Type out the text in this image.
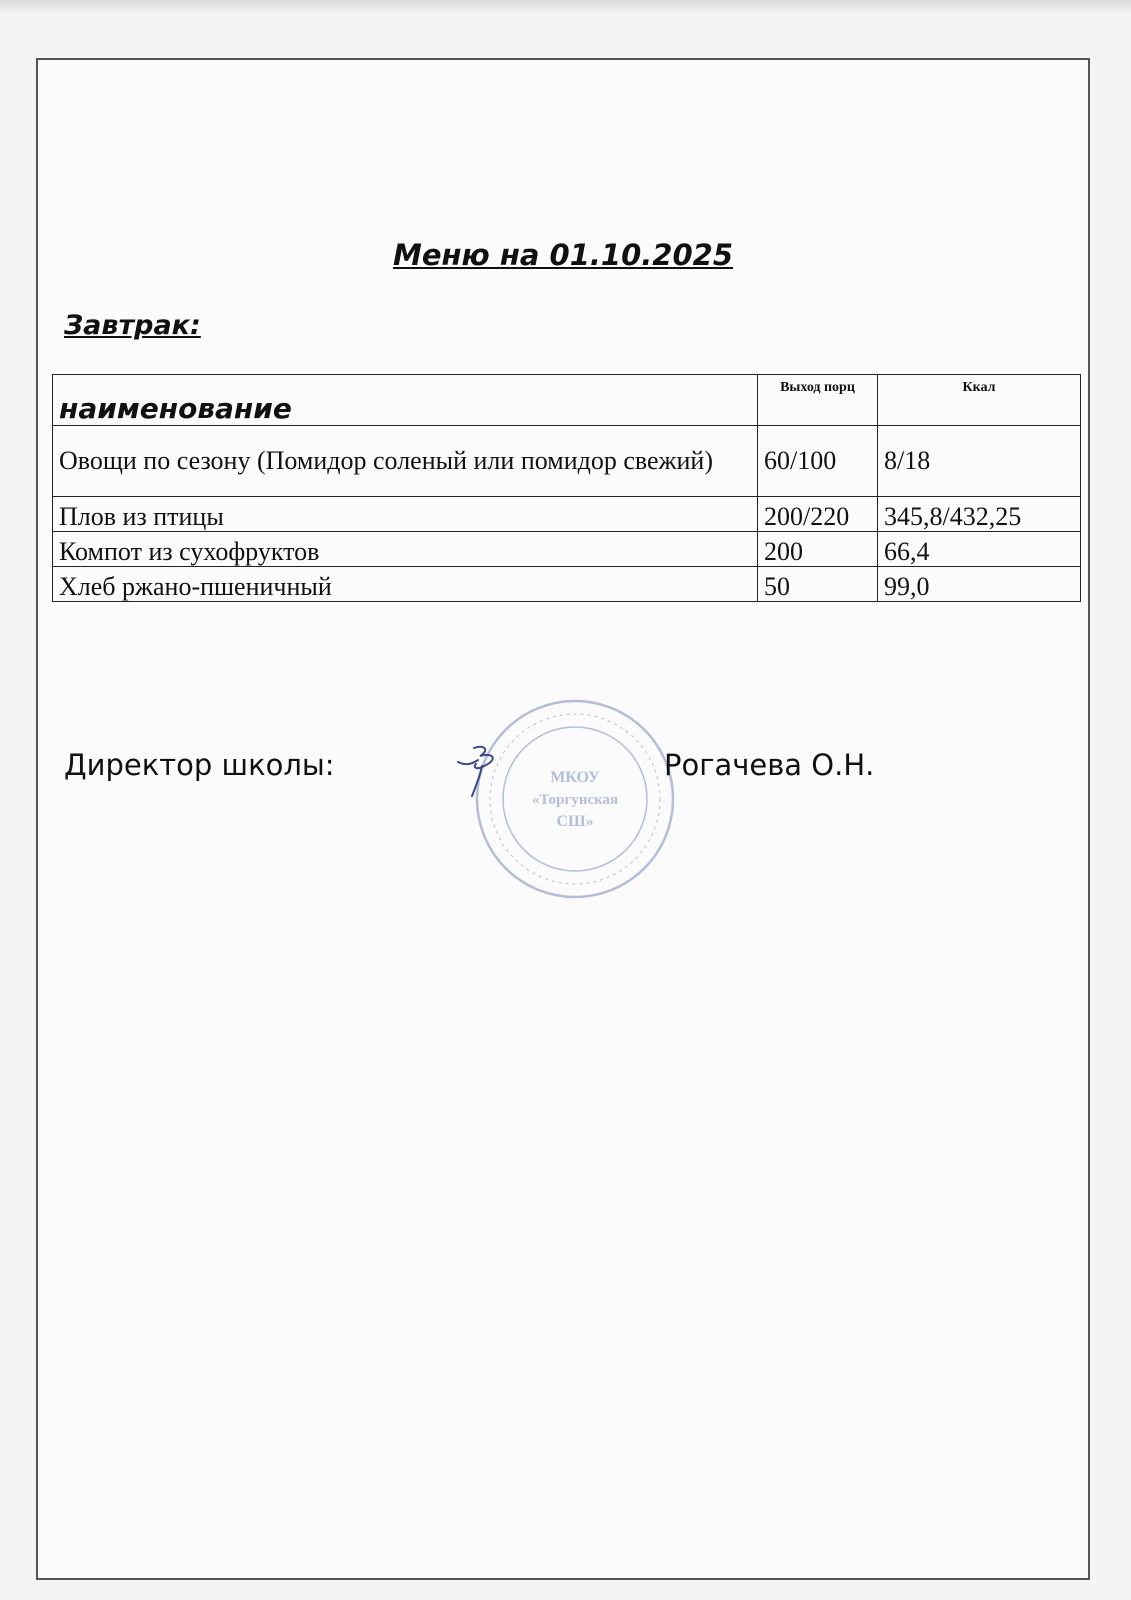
Меню на 01.10.2025
Завтрак:
наименование	Выход порц	Ккал
Овощи по сезону (Помидор соленый или помидор свежий)	60/100	8/18
Плов из птицы	200/220	345,8/432,25
Компот из сухофруктов	200	66,4
Хлеб ржано-пшеничный	50	99,0
Директор школы:	МКОУ
«Торгунская
СШ»
Рогачева О.Н.
